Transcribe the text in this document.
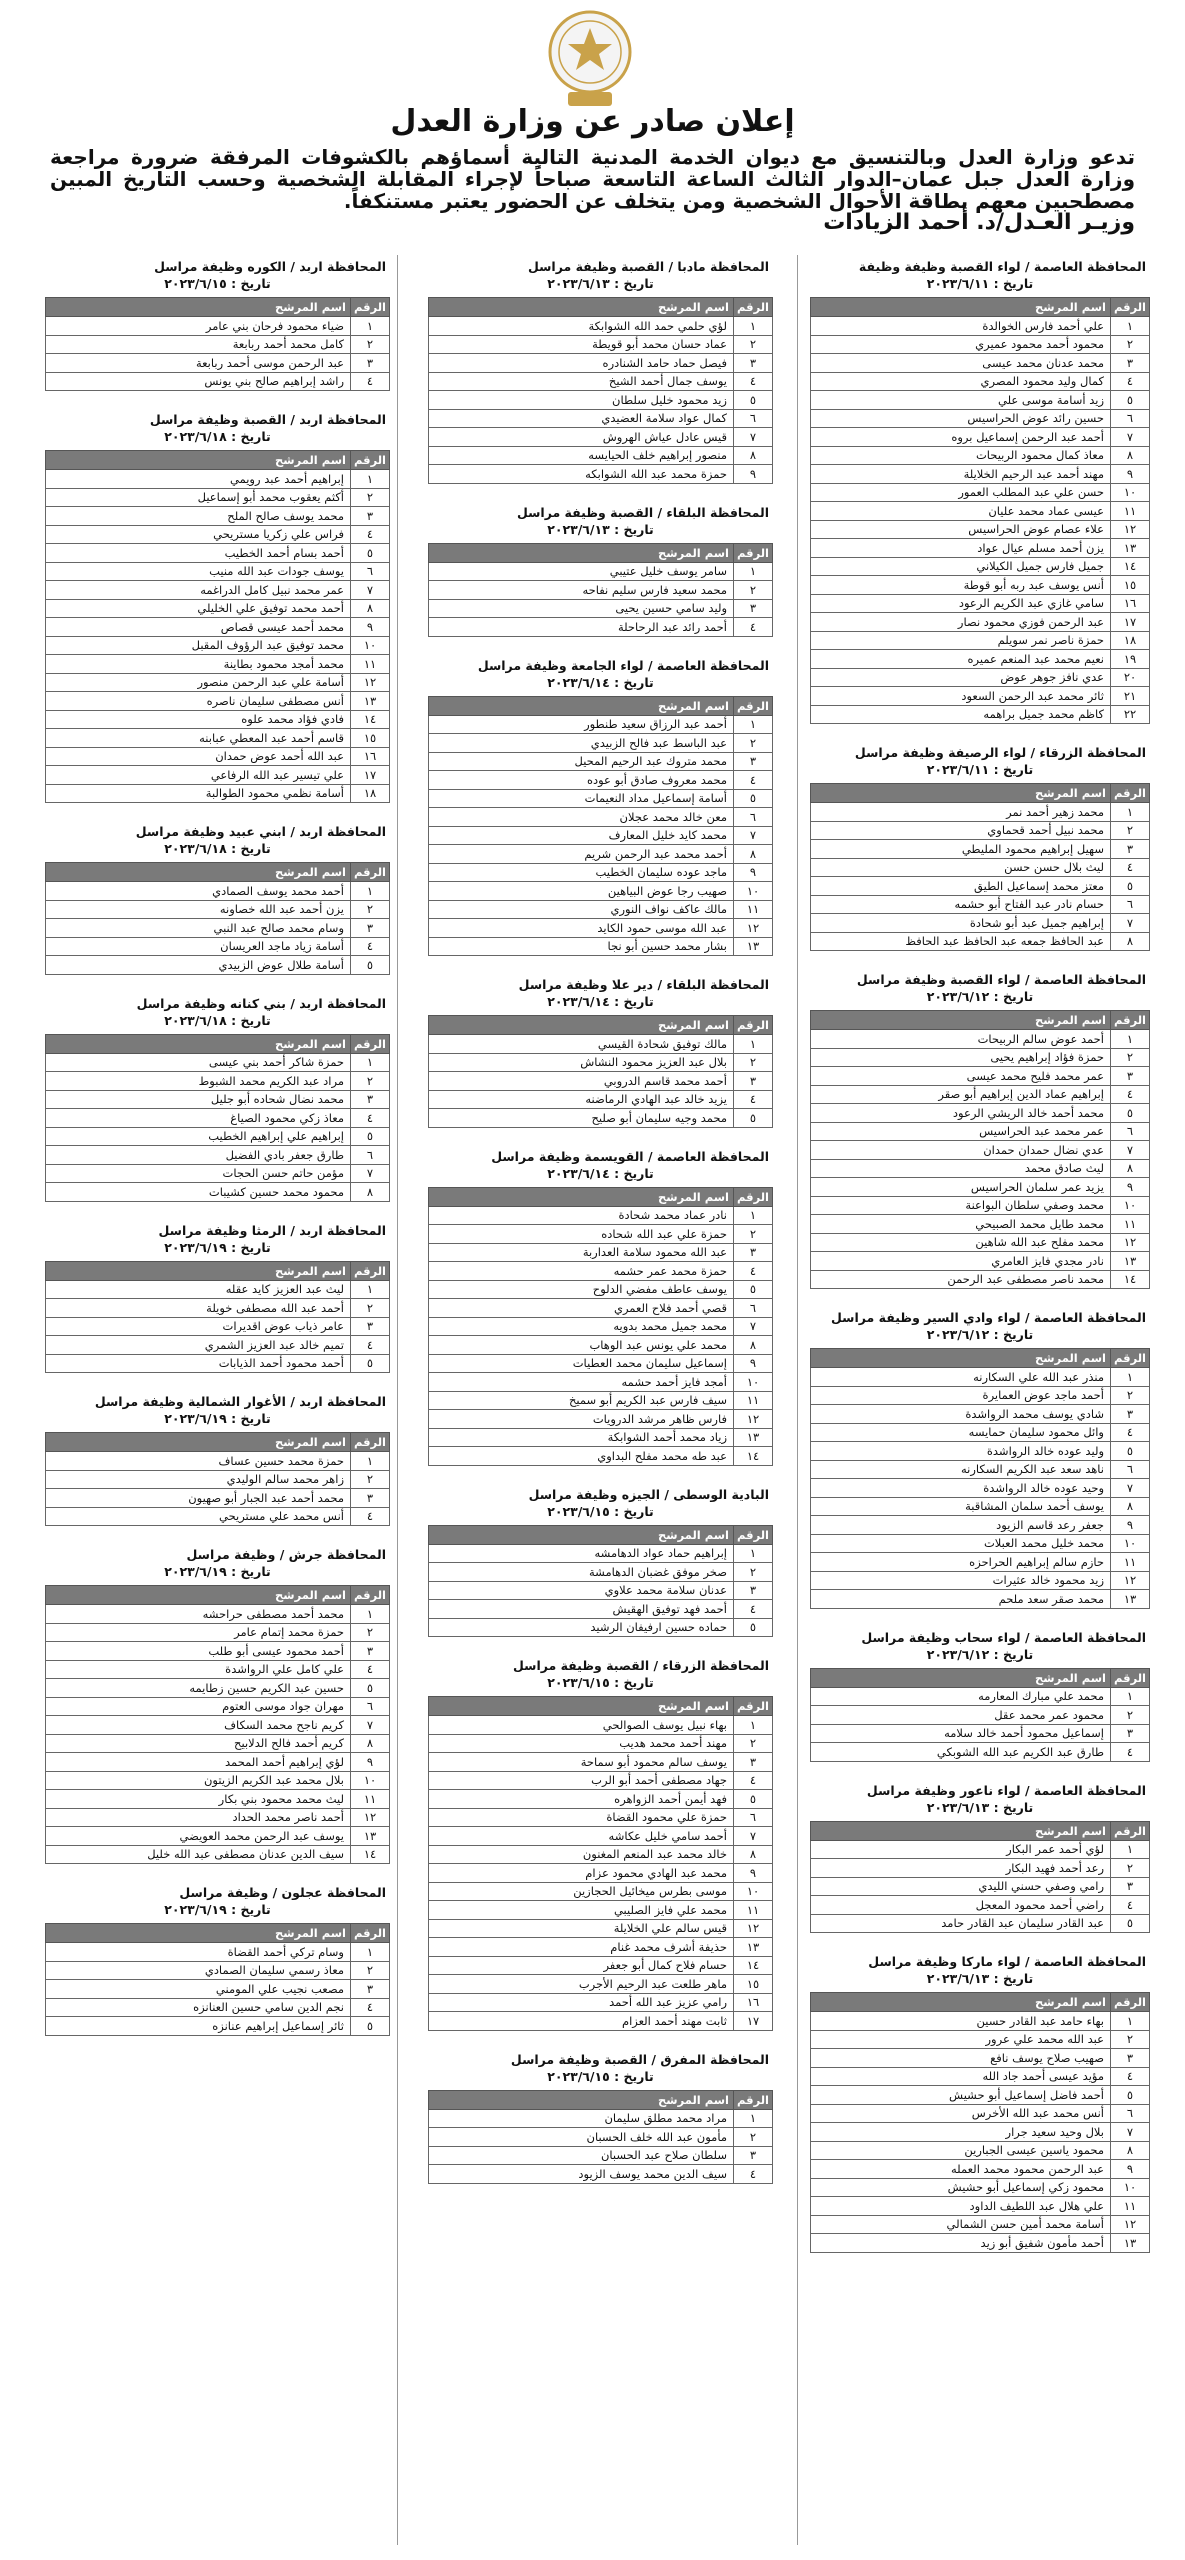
إعلان صادر عن وزارة العدل
تدعو وزارة العدل وبالتنسيق مع ديوان الخدمة المدنية التالية أسماؤهم بالكشوفات المرفقة ضرورة مراجعة وزارة العدل جبل عمان–الدوار الثالث الساعة التاسعة صباحاً لإجراء المقابلة الشخصية وحسب التاريخ المبين مصطحبين معهم بطاقة الأحوال الشخصية ومن يتخلف عن الحضور يعتبر مستنكفاً.
وزيـر العـدل/د. أحمد الزيادات
المحافظة العاصمة / لواء القصبة وظيفة وظيفة
تاريخ : ٢٠٢٣/٦/١١
الرقم	اسم المرشح
١	علي أحمد فارس الخوالدة
٢	محمود أحمد محمود عميري
٣	محمد عدنان محمد عيسى
٤	كمال وليد محمود المصري
٥	زيد أسامة موسى علي
٦	حسين رائد عوض الحراسيس
٧	أحمد عبد الرحمن إسماعيل بروه
٨	معاذ كمال محمود الربيحات
٩	مهند أحمد عبد الرحيم الخلايلة
١٠	حسن علي عبد المطلب العمور
١١	عيسى عماد محمد عليان
١٢	علاء عصام عوض الحراسيس
١٣	يزن أحمد مسلم عيال عواد
١٤	جميل فارس جميل الكيلاني
١٥	أنس يوسف عبد ربه أبو قوطة
١٦	سامي غازي عبد الكريم الرعود
١٧	عبد الرحمن فوزي محمود نصار
١٨	حمزة ناصر نمر سويلم
١٩	نعيم محمد عبد المنعم عميره
٢٠	عدي نافز جوهر عوض
٢١	ثائر محمد عبد الرحمن السعود
٢٢	كاظم محمد جميل براهمه
المحافظة الزرقاء / لواء الرصيفة وظيفة مراسل
تاريخ : ٢٠٢٣/٦/١١
الرقم	اسم المرشح
١	محمد زهير أحمد نمر
٢	محمد نبيل أحمد قحماوي
٣	سهيل إبراهيم محمود المليطي
٤	ليث بلال حسن حسن
٥	معتز محمد إسماعيل الطيق
٦	حسام نادر عبد الفتاح أبو حشمه
٧	إبراهيم جميل عبد أبو شحادة
٨	عبد الحافظ جمعه عبد الحافظ عبد الحافظ
المحافظة العاصمة / لواء القصبة وظيفة مراسل
تاريخ : ٢٠٢٣/٦/١٢
الرقم	اسم المرشح
١	أحمد عوض سالم الربيحات
٢	حمزة فؤاد إبراهيم يحيى
٣	عمر محمد فليح محمد عيسى
٤	إبراهيم عماد الدين إبراهيم أبو صقر
٥	محمد أحمد خالد الريشي الرعود
٦	عمر محمد عبد الحراسيس
٧	عدي نضال حمدان حمدان
٨	ليث صادق محمد
٩	يزيد عمر سلمان الحراسيس
١٠	محمد وصفي سلطان البواعنة
١١	محمد طايل محمد الصبيحي
١٢	محمد مفلح عبد الله شاهين
١٣	نادر مجدي فايز العامري
١٤	محمد ناصر مصطفى عبد الرحمن
المحافظة العاصمة / لواء وادي السير وظيفة مراسل
تاريخ : ٢٠٢٣/٦/١٢
الرقم	اسم المرشح
١	منذر عبد الله علي السكارنه
٢	أحمد ماجد عوض العمايرة
٣	شادي يوسف محمد الرواشدة
٤	وائل محمود سليمان حمايسه
٥	وليد عوده خالد الرواشدة
٦	ناهد سعد عبد الكريم السكارنه
٧	وحيد عوده خالد الرواشدة
٨	يوسف أحمد سلمان المشاقبة
٩	جعفر رعد قاسم الزيود
١٠	محمد خليل محمد العبلات
١١	حازم سالم إبراهيم الحراحزه
١٢	زيد محمود خالد عثيرات
١٣	محمد صقر سعد ملحم
المحافظة العاصمة / لواء سحاب وظيفة مراسل
تاريخ : ٢٠٢٣/٦/١٢
الرقم	اسم المرشح
١	محمد علي مبارك المعارمه
٢	محمود عمر محمد عقل
٣	إسماعيل محمود أحمد خالد سلامه
٤	طارق عبد الكريم عبد الله الشوبكي
المحافظة العاصمة / لواء ناعور وظيفة مراسل
تاريخ : ٢٠٢٣/٦/١٣
الرقم	اسم المرشح
١	لؤي أحمد عمر البكار
٢	رعد أحمد فهيد البكار
٣	رامي وصفي حسني الليدي
٤	راضي أحمد محمود المعجل
٥	عبد القادر سليمان عبد القادر حامد
المحافظة العاصمة / لواء ماركا وظيفة مراسل
تاريخ : ٢٠٢٣/٦/١٣
الرقم	اسم المرشح
١	بهاء حامد عبد القادر حسين
٢	عبد الله محمد علي عرور
٣	صهيب صلاح يوسف نافع
٤	مؤيد عيسى أحمد جاد الله
٥	أحمد فاضل إسماعيل أبو حشيش
٦	أنس محمد عبد الله الأخرس
٧	بلال وحيد سعيد جرار
٨	محمود ياسين عيسى الجبارين
٩	عبد الرحمن محمود محمد العمله
١٠	محمود زكي إسماعيل أبو حشيش
١١	علي هلال عبد اللطيف الداود
١٢	أسامة محمد أمين حسن الشمالي
١٣	أحمد مأمون شفيق أبو زيد
المحافظة مادبا / القصبة وظيفة مراسل
تاريخ : ٢٠٢٣/٦/١٣
الرقم	اسم المرشح
١	لؤي حلمي حمد الله الشوابكة
٢	عماد حسان محمد أبو قويطة
٣	فيصل حماد حامد الشنادره
٤	يوسف جمال أحمد الشيخ
٥	زيد محمود خليل سلطان
٦	كمال عواد سلامة العضيدي
٧	قيس عادل عياش الهروش
٨	منصور إبراهيم خلف الحيايسه
٩	حمزة محمد عبد الله الشوابكه
المحافظة البلقاء / القصبة وظيفة مراسل
تاريخ : ٢٠٢٣/٦/١٣
الرقم	اسم المرشح
١	سامر يوسف خليل عتيبي
٢	محمد سعيد فارس سليم نفاحه
٣	وليد سامي حسين يحيى
٤	أحمد رائد عبد الرحاحلة
المحافظة العاصمة / لواء الجامعة وظيفة مراسل
تاريخ : ٢٠٢٣/٦/١٤
الرقم	اسم المرشح
١	أحمد عبد الرزاق سعيد طنطور
٢	عبد الباسط عبد فالح الزبيدي
٣	محمد متروك عبد الرحيم المحيل
٤	محمد معروف صادق أبو عوده
٥	أسامة إسماعيل مداد النعيمات
٦	معن خالد محمد عجلان
٧	محمد كايد خليل المعارف
٨	أحمد محمد عبد الرحمن شريم
٩	ماجد عوده سليمان الخطيب
١٠	صهيب رجا عوض البياهين
١١	مالك عاكف نواف النوري
١٢	عبد الله موسى حمود الكايد
١٣	بشار محمد حسين أبو نجا
المحافظة البلقاء / دير علا وظيفة مراسل
تاريخ : ٢٠٢٣/٦/١٤
الرقم	اسم المرشح
١	مالك توفيق شحادة القيسي
٢	بلال عبد العزيز محمود النشاش
٣	أحمد محمد قاسم الدروبي
٤	يزيد خالد عبد الهادي الرماضنه
٥	محمد وجيه سليمان أبو صليح
المحافظة العاصمة / القويسمة وظيفة مراسل
تاريخ : ٢٠٢٣/٦/١٤
الرقم	اسم المرشح
١	نادر عماد محمد شحادة
٢	حمزة علي عبد الله شحاده
٣	عبد الله محمود سلامة العداربة
٤	حمزة محمد عمر حشمه
٥	يوسف عاطف مفضي الدلوح
٦	قصي أحمد فلاح العمري
٧	محمد جميل محمد بدويه
٨	محمد علي يونس عبد الوهاب
٩	إسماعيل سليمان محمد العطيات
١٠	أمجد فايز أحمد حشمه
١١	سيف فارس عبد الكريم أبو سميخ
١٢	فارس ظاهر مرشد الدرويات
١٣	زياد محمد أحمد الشوابكة
١٤	عبد طه محمد مفلح البداوي
البادية الوسطى / الجيزه وظيفة مراسل
تاريخ : ٢٠٢٣/٦/١٥
الرقم	اسم المرشح
١	إبراهيم حماد عواد الدهامشه
٢	صخر موفق غضبان الدهامشة
٣	عدنان سلامة محمد علاوي
٤	أحمد فهد توفيق الهقيش
٥	حماده حسين ارفيفان الرشيد
المحافظة الزرقاء / القصبة وظيفة مراسل
تاريخ : ٢٠٢٣/٦/١٥
الرقم	اسم المرشح
١	بهاء نبيل يوسف الصوالحي
٢	مهند أحمد محمد هديب
٣	يوسف سالم محمود أبو سماحة
٤	جهاد مصطفى أحمد أبو الرب
٥	فهد أيمن أحمد الزواهره
٦	حمزة علي محمود القضاة
٧	أحمد سامي خليل عكاشه
٨	خالد محمد عبد المنعم المغنون
٩	محمد عبد الهادي محمود عزام
١٠	موسى بطرس ميخائيل الحجازين
١١	محمد علي فايز الصليبي
١٢	قيس سالم علي الخلايلة
١٣	حذيفة أشرف محمد غنام
١٤	حسام فلاح كمال أبو جعفر
١٥	ماهر طلعت عبد الرحيم الأجرب
١٦	رامي عزيز عبد الله أحمد
١٧	ثابت مهند أحمد العزام
المحافظة المفرق / القصبة وظيفة مراسل
تاريخ : ٢٠٢٣/٦/١٥
الرقم	اسم المرشح
١	مراد محمد مطلق سليمان
٢	مأمون عبد الله خلف الحسبان
٣	سلطان صلاح عبد الحسبان
٤	سيف الدين محمد يوسف الزيود
المحافظة اربد / الكوره وظيفة مراسل
تاريخ : ٢٠٢٣/٦/١٥
الرقم	اسم المرشح
١	ضياء محمود فرحان بني عامر
٢	كامل محمد أحمد ربابعة
٣	عبد الرحمن موسى أحمد ربابعة
٤	راشد إبراهيم صالح بني يونس
المحافظة اربد / القصبة وظيفة مراسل
تاريخ : ٢٠٢٣/٦/١٨
الرقم	اسم المرشح
١	إبراهيم أحمد عبد رويمي
٢	أكثم يعقوب محمد أبو إسماعيل
٣	محمد يوسف صالح الملح
٤	فراس علي زكريا مستريحي
٥	أحمد بسام أحمد الخطيب
٦	يوسف جودات عبد الله منيب
٧	عمر محمد نبيل كامل الدراغمه
٨	أحمد محمد توفيق علي الخليلي
٩	محمد أحمد عيسى قصاص
١٠	محمد توفيق عبد الرؤوف المقبل
١١	محمد أمجد محمود بطاينة
١٢	أسامة علي عبد الرحمن منصور
١٣	أنس مصطفى سليمان ناصره
١٤	فادي فؤاد محمد علوه
١٥	قاسم أحمد عبد المعطي عبابنه
١٦	عبد الله أحمد عوض حمدان
١٧	علي تيسير عبد الله الرفاعي
١٨	أسامة نظمي محمود الطوالبة
المحافظة اربد / ابني عبيد وظيفة مراسل
تاريخ : ٢٠٢٣/٦/١٨
الرقم	اسم المرشح
١	أحمد محمد يوسف الصمادي
٢	يزن أحمد عبد الله خصاونه
٣	وسام محمد صالح عبد النبي
٤	أسامة زياد ماجد العريسان
٥	أسامة طلال عوض الزبيدي
المحافظة اربد / بني كنانه وظيفة مراسل
تاريخ : ٢٠٢٣/٦/١٨
الرقم	اسم المرشح
١	حمزة شاكر أحمد بني عيسى
٢	مراد عبد الكريم محمد الشبوط
٣	محمد نضال شحاده أبو جليل
٤	معاذ زكي محمود الصياغ
٥	إبراهيم علي إبراهيم الخطيب
٦	طارق جعفر بادي الفضيل
٧	مؤمن حاتم حسن الحجات
٨	محمود محمد حسين كشيبات
المحافظة اربد / الرمثا وظيفة مراسل
تاريخ : ٢٠٢٣/٦/١٩
الرقم	اسم المرشح
١	ليث عبد العزيز كايد عقله
٢	أحمد عبد الله مصطفى خويلة
٣	عامر ذياب عوض اقديرات
٤	تميم خالد عبد العزيز الشمري
٥	أحمد محمود أحمد الذيابات
المحافظة اربد / الأغوار الشمالية وظيفة مراسل
تاريخ : ٢٠٢٣/٦/١٩
الرقم	اسم المرشح
١	حمزة محمد حسين عساف
٢	زاهر محمد سالم الوليدي
٣	محمد أحمد عبد الجبار أبو صهيون
٤	أنس محمد علي مستريحي
المحافظة جرش / وظيفة مراسل
تاريخ : ٢٠٢٣/٦/١٩
الرقم	اسم المرشح
١	محمد أحمد مصطفى حراحشه
٢	حمزة محمد إتمام عامر
٣	أحمد محمود عيسى أبو طلب
٤	علي كامل علي الرواشدة
٥	حسين عبد الكريم حسين زطايمه
٦	مهران جواد موسى العتوم
٧	كريم ناجح محمد السكاف
٨	كريم أحمد فالح الدلابيح
٩	لؤي إبراهيم أحمد المحمد
١٠	بلال محمد عبد الكريم الزيتون
١١	ليث محمد محمود بني بكار
١٢	أحمد ناصر محمد الحداد
١٣	يوسف عبد الرحمن محمد العويضي
١٤	سيف الدين عدنان مصطفى عبد الله خليل
المحافظة عجلون / وظيفة مراسل
تاريخ : ٢٠٢٣/٦/١٩
الرقم	اسم المرشح
١	وسام تركي أحمد القضاة
٢	معاذ رسمي سليمان الصمادي
٣	مصعب نجيب علي المومني
٤	نجم الدين سامي حسين العنانزه
٥	ثائر إسماعيل إبراهيم عنانزه
